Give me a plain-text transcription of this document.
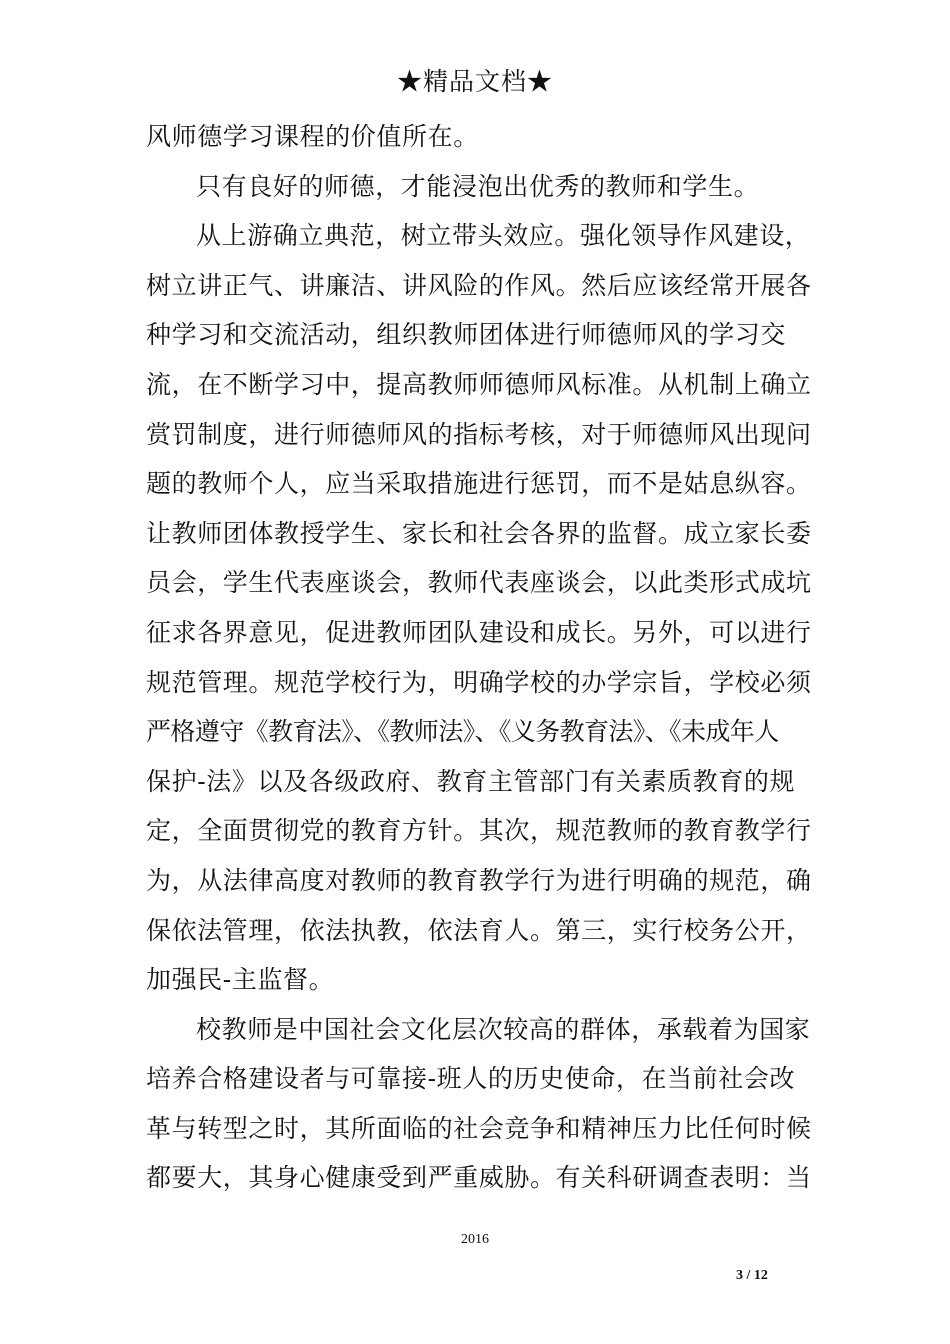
★精品文档★
风师德学习课程的价值所在。
只有良好的师德，才能浸泡出优秀的教师和学生。
从上游确立典范，树立带头效应。强化领导作风建设，
树立讲正气、讲廉洁、讲风险的作风。然后应该经常开展各
种学习和交流活动，组织教师团体进行师德师风的学习交
流，在不断学习中，提高教师师德师风标准。从机制上确立
赏罚制度，进行师德师风的指标考核，对于师德师风出现问
题的教师个人，应当采取措施进行惩罚，而不是姑息纵容。
让教师团体教授学生、家长和社会各界的监督。成立家长委
员会，学生代表座谈会，教师代表座谈会，以此类形式成坑
征求各界意见，促进教师团队建设和成长。另外，可以进行
规范管理。规范学校行为，明确学校的办学宗旨，学校必须
严格遵守《教育法》、《教师法》、《义务教育法》、《未成年人
保护-法》以及各级政府、教育主管部门有关素质教育的规
定，全面贯彻党的教育方针。其次，规范教师的教育教学行
为，从法律高度对教师的教育教学行为进行明确的规范，确
保依法管理，依法执教，依法育人。第三，实行校务公开，
加强民-主监督。
校教师是中国社会文化层次较高的群体，承载着为国家
培养合格建设者与可靠接-班人的历史使命，在当前社会改
革与转型之时，其所面临的社会竞争和精神压力比任何时候
都要大，其身心健康受到严重威胁。有关科研调查表明：当
2016
3 / 12
